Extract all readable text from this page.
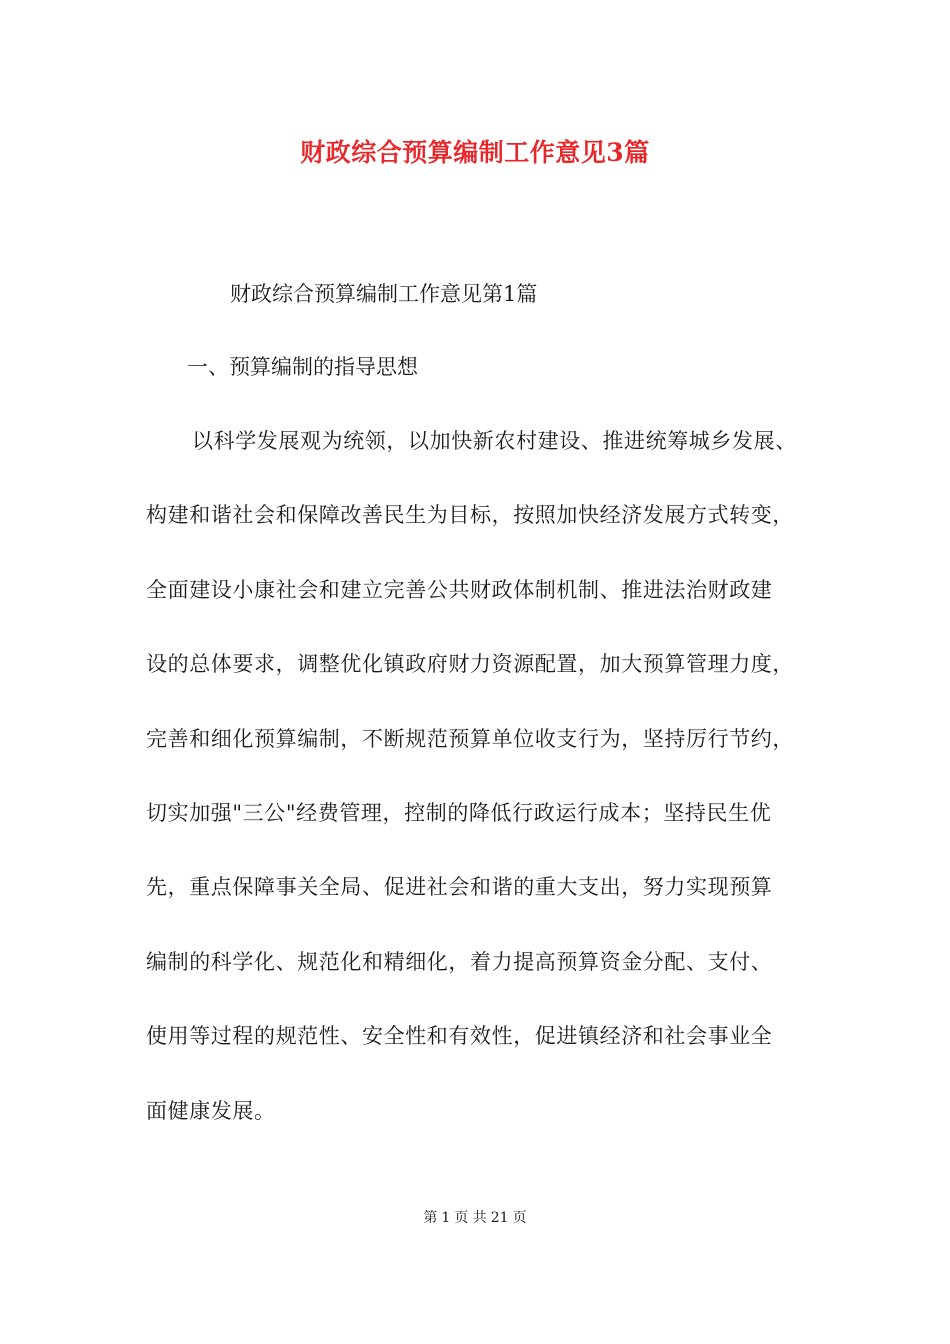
财政综合预算编制工作意见3篇
财政综合预算编制工作意见第1篇
一、预算编制的指导思想
以科学发展观为统领，以加快新农村建设、推进统筹城乡发展、
构建和谐社会和保障改善民生为目标，按照加快经济发展方式转变，
全面建设小康社会和建立完善公共财政体制机制、推进法治财政建
设的总体要求，调整优化镇政府财力资源配置，加大预算管理力度，
完善和细化预算编制，不断规范预算单位收支行为，坚持厉行节约，
切实加强"三公"经费管理，控制的降低行政运行成本；坚持民生优
先，重点保障事关全局、促进社会和谐的重大支出，努力实现预算
编制的科学化、规范化和精细化，着力提高预算资金分配、支付、
使用等过程的规范性、安全性和有效性，促进镇经济和社会事业全
面健康发展。
第 1 页 共 21 页
